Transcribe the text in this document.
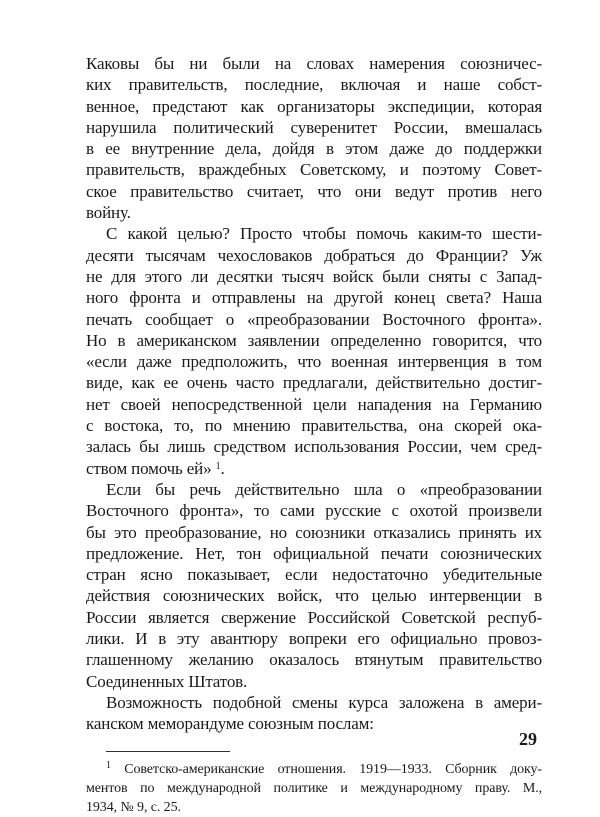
Каковы бы ни были на словах намерения союзничес-
ких правительств, последние, включая и наше собст-
венное, предстают как организаторы экспедиции, которая
нарушила политический суверенитет России, вмешалась
в ее внутренние дела, дойдя в этом даже до поддержки
правительств, враждебных Советскому, и поэтому Совет-
ское правительство считает, что они ведут против него
войну.
С какой целью? Просто чтобы помочь каким-то шести-
десяти тысячам чехословаков добраться до Франции? Уж
не для этого ли десятки тысяч войск были сняты с Запад-
ного фронта и отправлены на другой конец света? Наша
печать сообщает о «преобразовании Восточного фронта».
Но в американском заявлении определенно говорится, что
«если даже предположить, что военная интервенция в том
виде, как ее очень часто предлагали, действительно достиг-
нет своей непосредственной цели нападения на Германию
с востока, то, по мнению правительства, она скорей ока-
залась бы лишь средством использования России, чем сред-
ством помочь ей» $^1$.
Если бы речь действительно шла о «преобразовании
Восточного фронта», то сами русские с охотой произвели
бы это преобразование, но союзники отказались принять их
предложение. Нет, тон официальной печати союзнических
стран ясно показывает, если недостаточно убедительные
действия союзнических войск, что целью интервенции в
России является свержение Российской Советской респуб-
лики. И в эту авантюру вопреки его официально провоз-
глашенному желанию оказалось втянутым правительство
Соединенных Штатов.
Возможность подобной смены курса заложена в амери-
канском меморандуме союзным послам:
$^1$ Советско-американские отношения. 1919—1933. Сборник доку-
ментов по международной политике и международному праву. М.,
1934, № 9, с. 25.
29
